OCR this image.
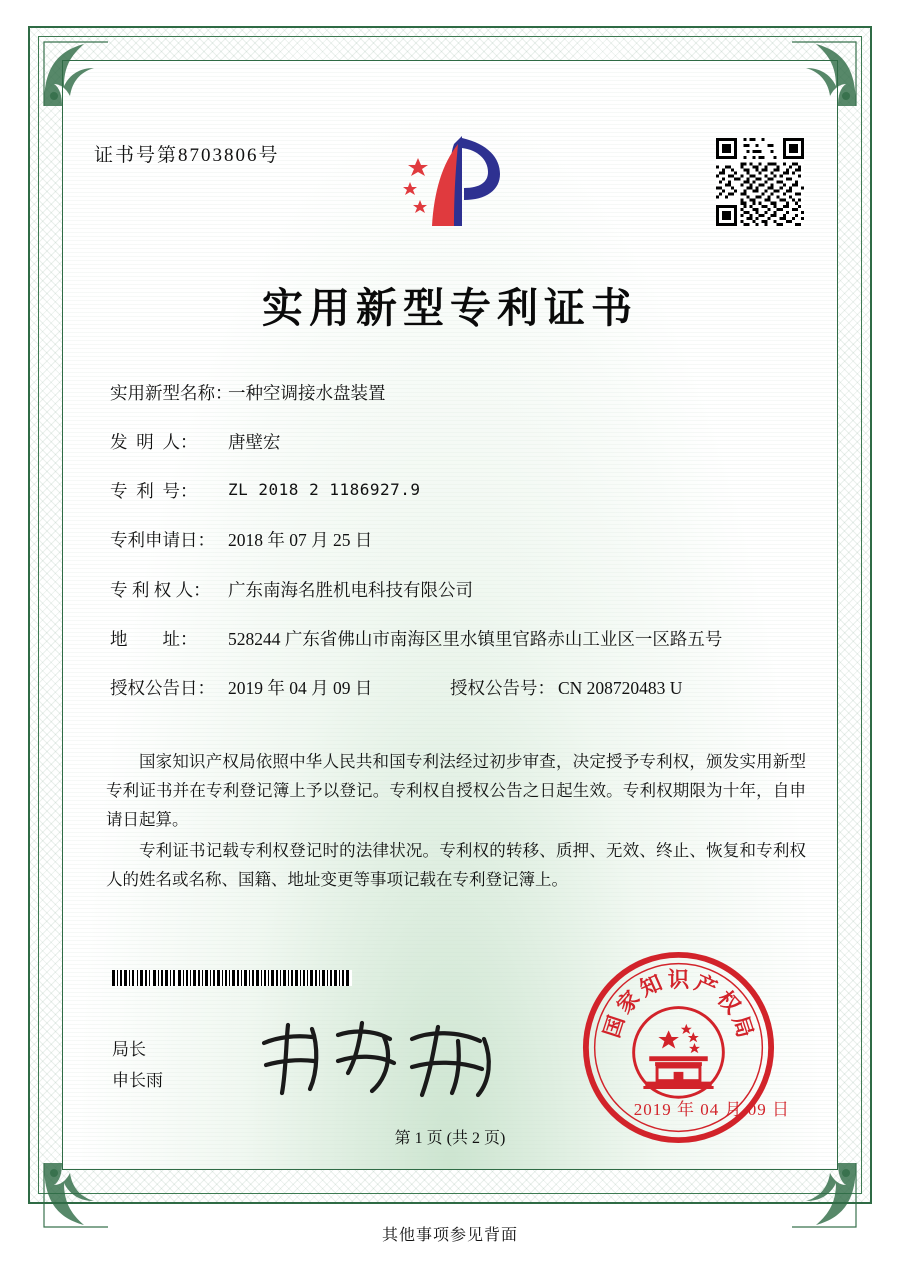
证书号第8703806号
实用新型专利证书
实用新型名称：
一种空调接水盘装置
发  明  人：	唐壁宏
专  利  号：	ZL 2018 2 1186927.9
专利申请日： 2018 年 07 月 25 日
专 利 权 人： 广东南海名胜机电科技有限公司
地        址：	528244 广东省佛山市南海区里水镇里官路赤山工业区一区路五号
授权公告日： 2019 年 04 月 09 日	授权公告号： CN 208720483 U

国家知识产权局依照中华人民共和国专利法经过初步审查，决定授予专利权，颁发实用新型专利证书并在专利登记簿上予以登记。专利权自授权公告之日起生效。专利权期限为十年，自申请日起算。

专利证书记载专利权登记时的法律状况。专利权的转移、质押、无效、终止、恢复和专利权人的姓名或名称、国籍、地址变更等事项记载在专利登记簿上。

局长
申长雨
国
家
知 识 产
权
局
2019 年 04 月 09 日
第 1 页 (共 2 页)
其他事项参见背面
